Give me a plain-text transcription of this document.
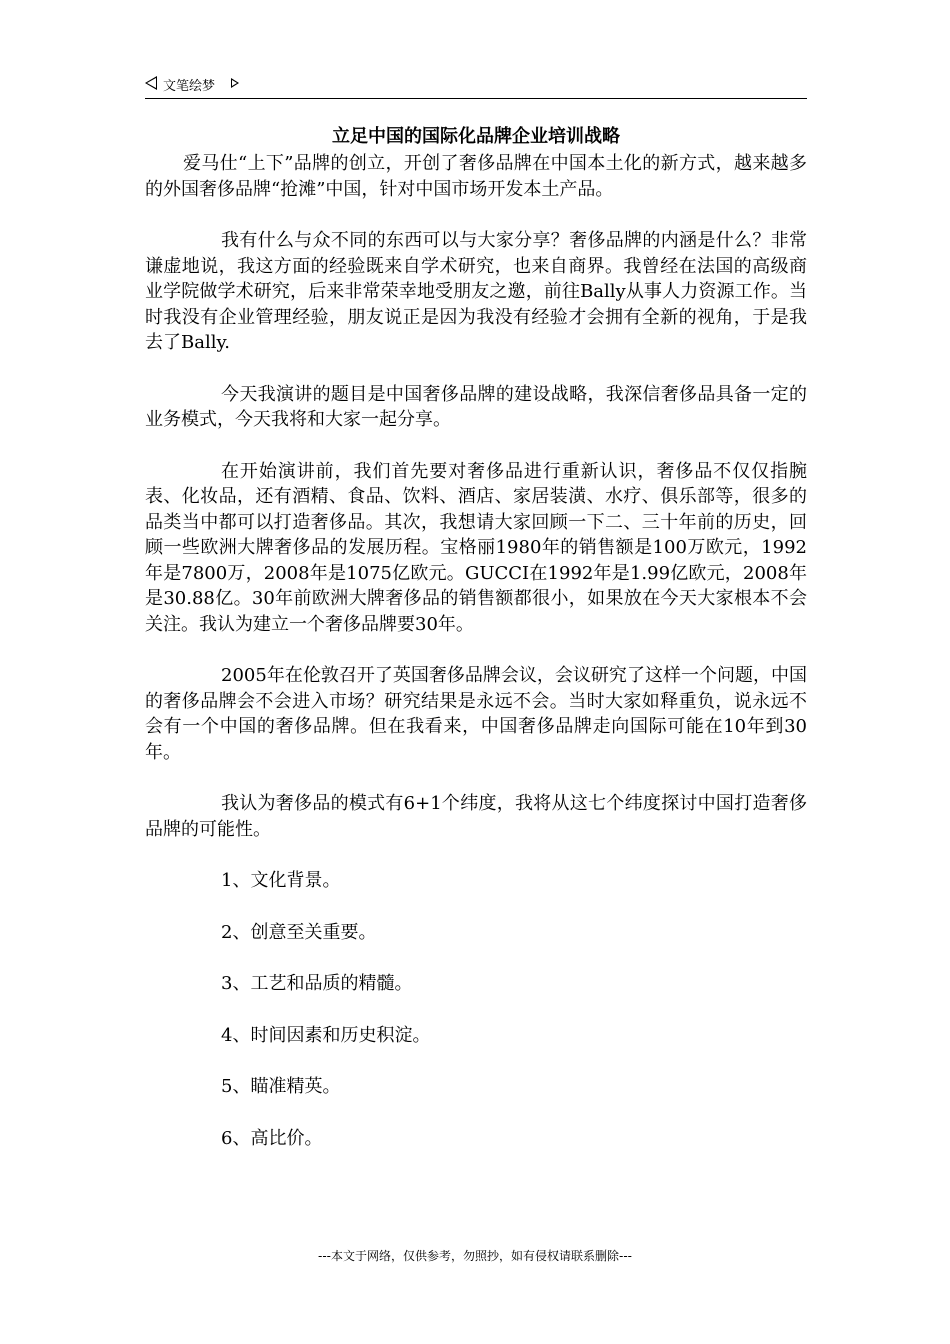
文笔绘梦
立足中国的国际化品牌企业培训战略

爱马仕“上下”品牌的创立，开创了奢侈品牌在中国本土化的新方式，越来越多的外国奢侈品牌“抢滩”中国，针对中国市场开发本土产品。

我有什么与众不同的东西可以与大家分享？奢侈品牌的内涵是什么？非常谦虚地说，我这方面的经验既来自学术研究，也来自商界。我曾经在法国的高级商业学院做学术研究，后来非常荣幸地受朋友之邀，前往Bally从事人力资源工作。当时我没有企业管理经验，朋友说正是因为我没有经验才会拥有全新的视角，于是我去了Bally.

今天我演讲的题目是中国奢侈品牌的建设战略，我深信奢侈品具备一定的业务模式，今天我将和大家一起分享。

在开始演讲前，我们首先要对奢侈品进行重新认识，奢侈品不仅仅指腕表、化妆品，还有酒精、食品、饮料、酒店、家居装潢、水疗、俱乐部等，很多的品类当中都可以打造奢侈品。其次，我想请大家回顾一下二、三十年前的历史，回顾一些欧洲大牌奢侈品的发展历程。宝格丽1980年的销售额是100万欧元，1992年是7800万，2008年是1075亿欧元。GUCCI在1992年是1.99亿欧元，2008年是30.88亿。30年前欧洲大牌奢侈品的销售额都很小，如果放在今天大家根本不会关注。我认为建立一个奢侈品牌要30年。

2005年在伦敦召开了英国奢侈品牌会议，会议研究了这样一个问题，中国的奢侈品牌会不会进入市场？研究结果是永远不会。当时大家如释重负，说永远不会有一个中国的奢侈品牌。但在我看来，中国奢侈品牌走向国际可能在10年到30年。

我认为奢侈品的模式有6+1个纬度，我将从这七个纬度探讨中国打造奢侈品牌的可能性。

1、文化背景。
2、创意至关重要。
3、工艺和品质的精髓。
4、时间因素和历史积淀。
5、瞄准精英。
6、高比价。
---本文于网络，仅供参考，勿照抄，如有侵权请联系删除---
